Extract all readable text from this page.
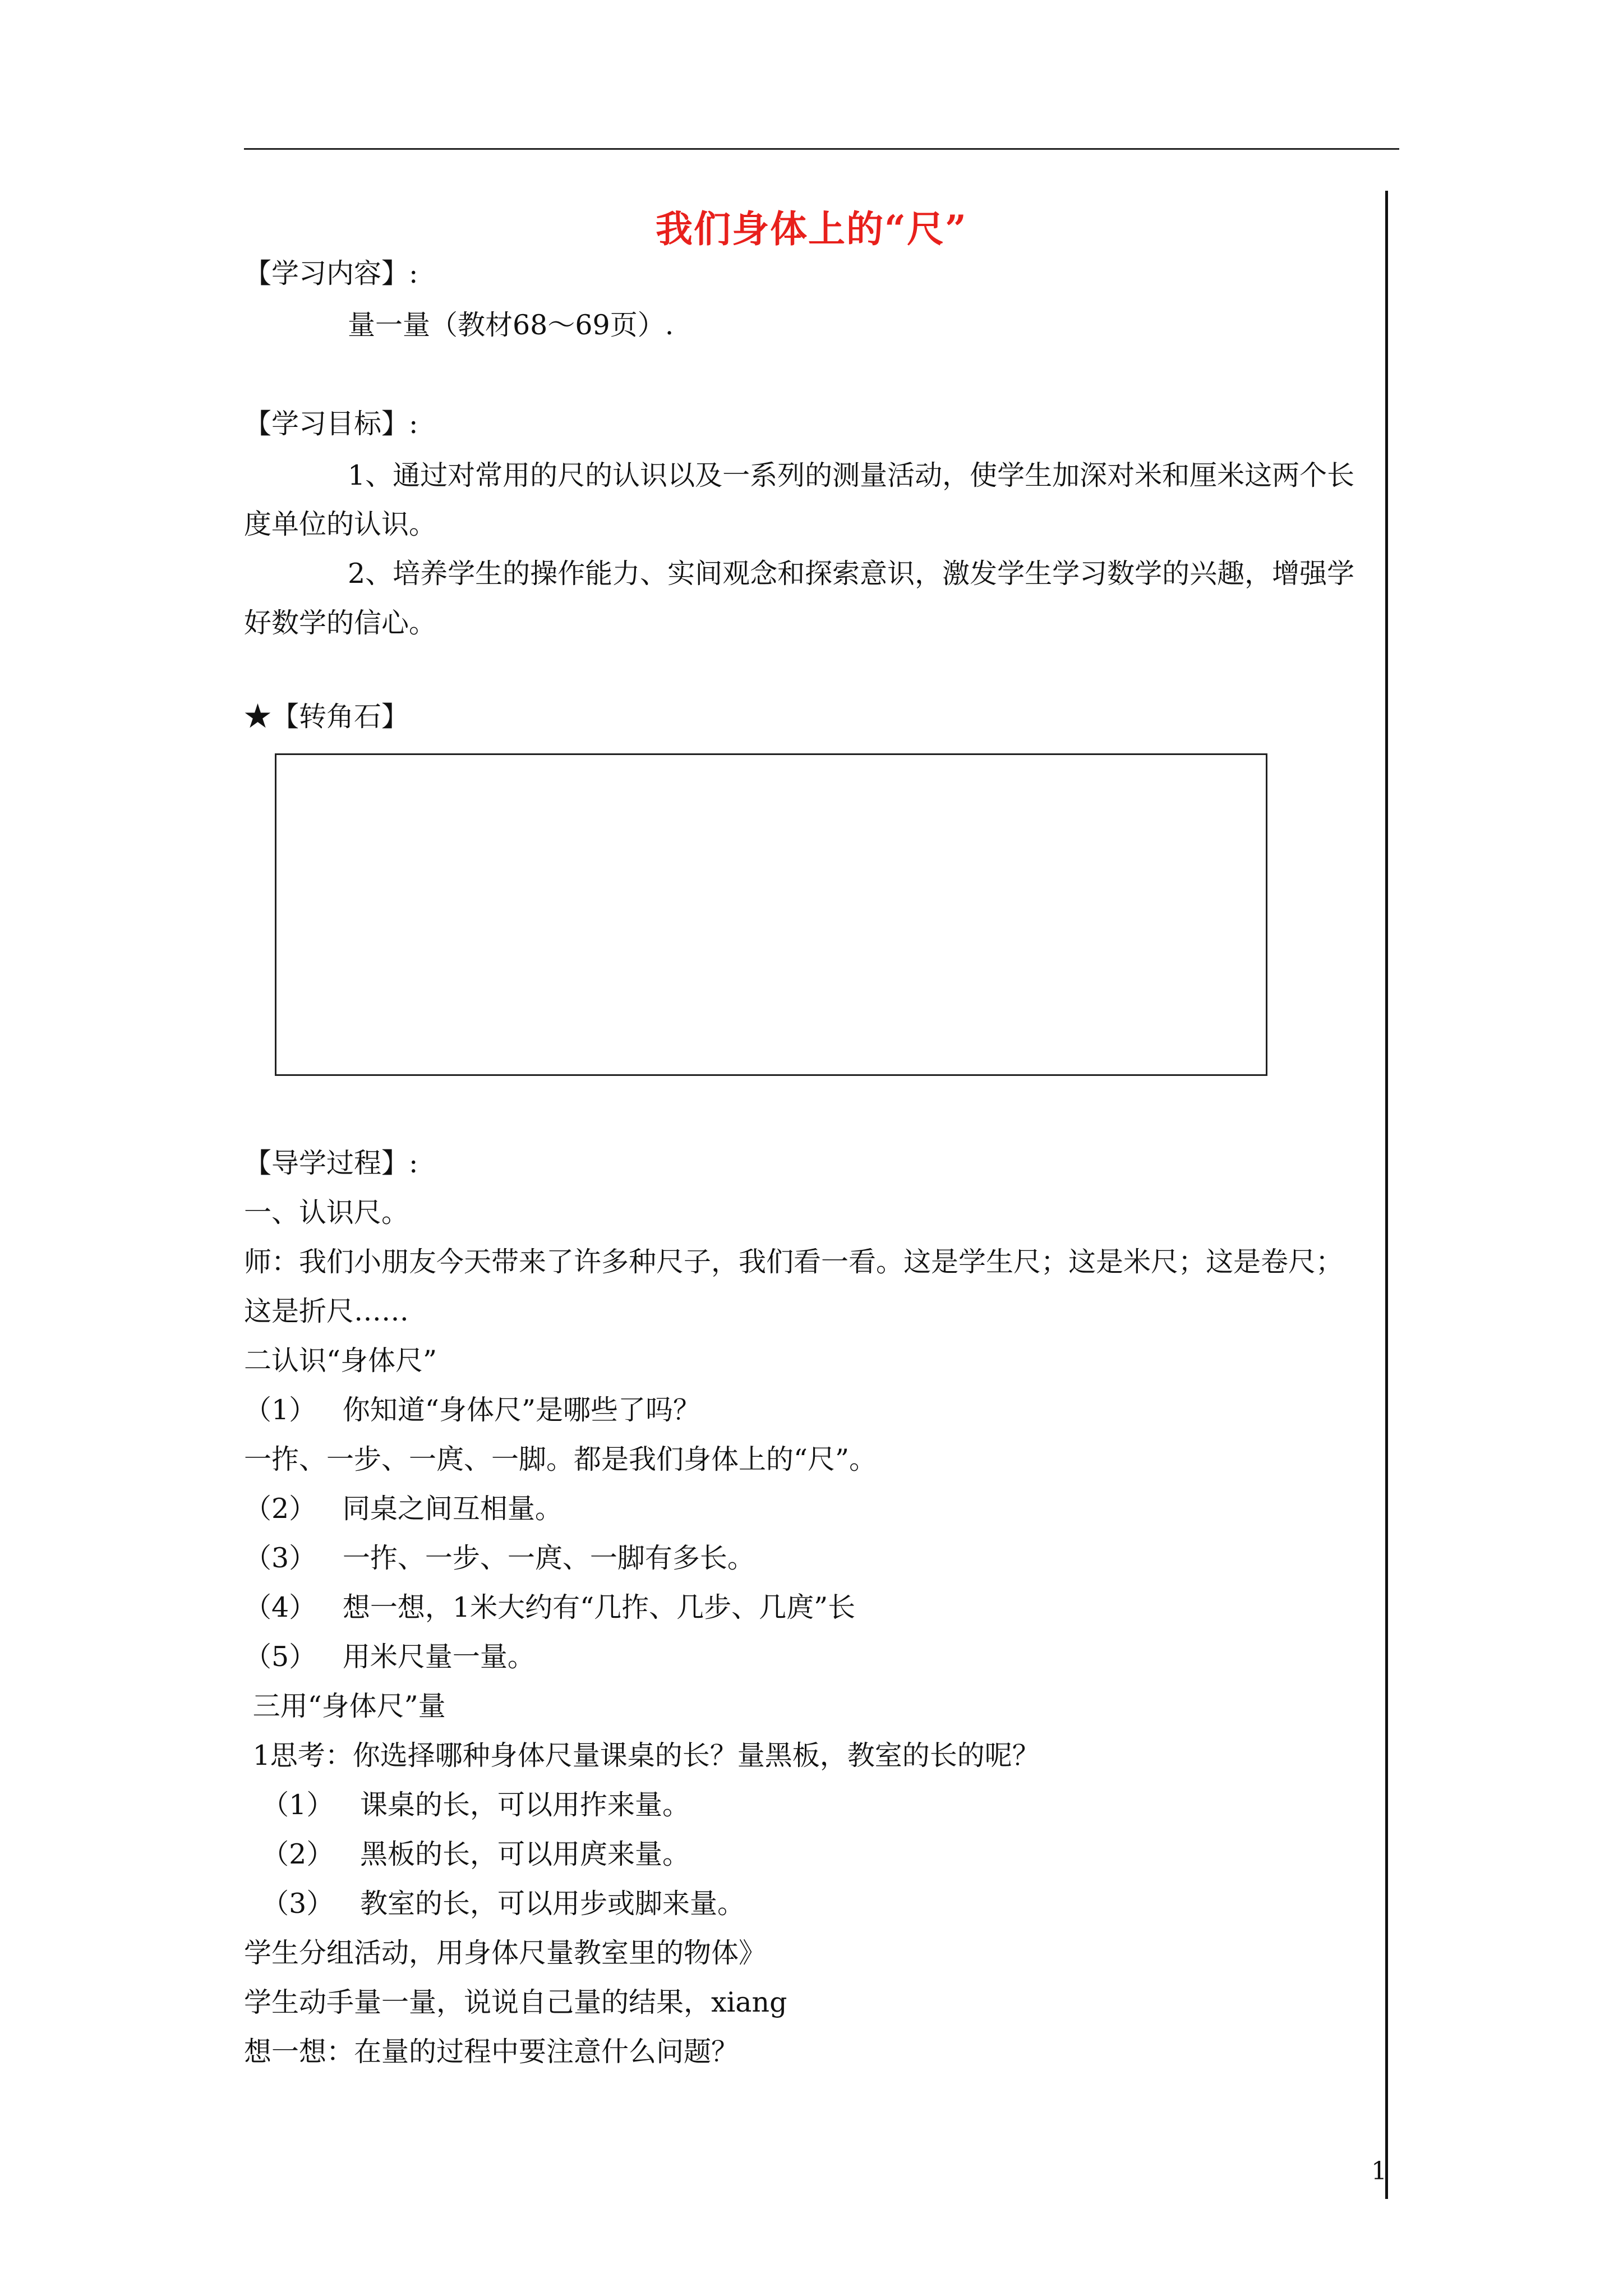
我们身体上的“尺”
【学习内容】:
量一量（教材68～69页）.
【学习目标】:
1、通过对常用的尺的认识以及一系列的测量活动，使学生加深对米和厘米这两个长
度单位的认识。
2、培养学生的操作能力、实间观念和探索意识，激发学生学习数学的兴趣，增强学
好数学的信心。
★【转角石】
【导学过程】:
一、认识尺。
师：我们小朋友今天带来了许多种尺子，我们看一看。这是学生尺；这是米尺；这是卷尺；
这是折尺……
二认识“身体尺”
（1）   你知道“身体尺”是哪些了吗？
一拃、一步、一庹、一脚。都是我们身体上的“尺”。
（2）   同桌之间互相量。
（3）   一拃、一步、一庹、一脚有多长。
（4）   想一想，1米大约有“几拃、几步、几庹”长
（5）   用米尺量一量。
三用“身体尺”量
1思考：你选择哪种身体尺量课桌的长？量黑板，教室的长的呢？
（1）   课桌的长，可以用拃来量。
（2）   黑板的长，可以用庹来量。
（3）   教室的长，可以用步或脚来量。
学生分组活动，用身体尺量教室里的物体》
学生动手量一量，说说自己量的结果，xiang
想一想：在量的过程中要注意什么问题？
1
